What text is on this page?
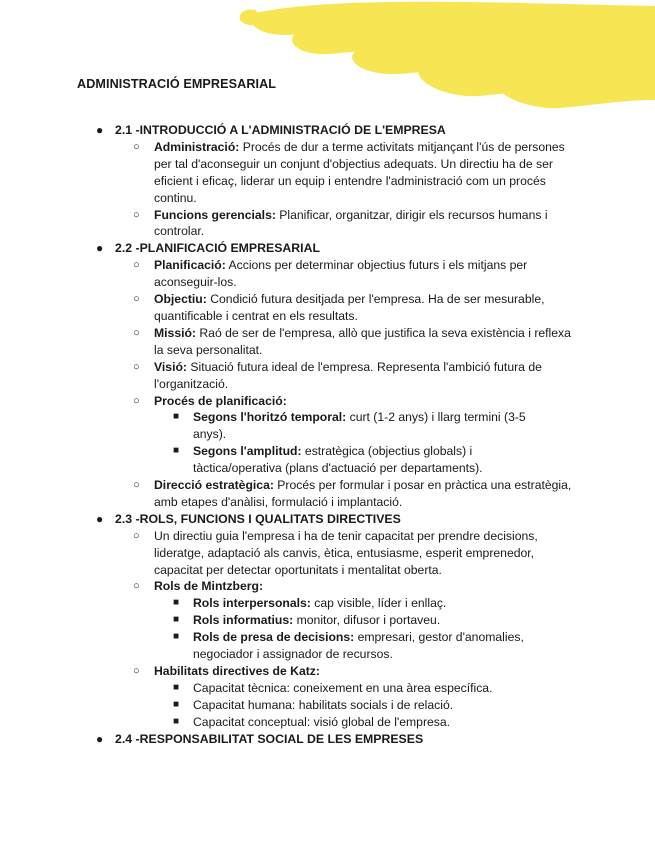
ADMINISTRACIÓ EMPRESARIAL
● 2.1 -INTRODUCCIÓ A L'ADMINISTRACIÓ DE L'EMPRESA
○ Administració: Procés de dur a terme activitats mitjançant l'ús de persones per tal d'aconseguir un conjunt d'objectius adequats. Un directiu ha de ser eficient i eficaç, liderar un equip i entendre l'administració com un procés continu.
○ Funcions gerencials: Planificar, organitzar, dirigir els recursos humans i controlar.
● 2.2 -PLANIFICACIÓ EMPRESARIAL
○ Planificació: Accions per determinar objectius futurs i els mitjans per aconseguir-los.
○ Objectiu: Condició futura desitjada per l'empresa. Ha de ser mesurable, quantificable i centrat en els resultats.
○ Missió: Raó de ser de l'empresa, allò que justifica la seva existència i reflexa la seva personalitat.
○ Visió: Situació futura ideal de l'empresa. Representa l'ambició futura de l'organització.
○ Procés de planificació:
■ Segons l'horitzó temporal: curt (1-2 anys) i llarg termini (3-5 anys).
■ Segons l'amplitud: estratègica (objectius globals) i tàctica/operativa (plans d'actuació per departaments).
○ Direcció estratègica: Procés per formular i posar en pràctica una estratègia, amb etapes d'anàlisi, formulació i implantació.
● 2.3 -ROLS, FUNCIONS I QUALITATS DIRECTIVES
○ Un directiu guia l'empresa i ha de tenir capacitat per prendre decisions, lideratge, adaptació als canvis, ètica, entusiasme, esperit emprenedor, capacitat per detectar oportunitats i mentalitat oberta.
○ Rols de Mintzberg:
■ Rols interpersonals: cap visible, líder i enllaç.
■ Rols informatius: monitor, difusor i portaveu.
■ Rols de presa de decisions: empresari, gestor d'anomalies, negociador i assignador de recursos.
○ Habilitats directives de Katz:
■ Capacitat tècnica: coneixement en una àrea específica.
■ Capacitat humana: habilitats socials i de relació.
■ Capacitat conceptual: visió global de l'empresa.
● 2.4 -RESPONSABILITAT SOCIAL DE LES EMPRESES
